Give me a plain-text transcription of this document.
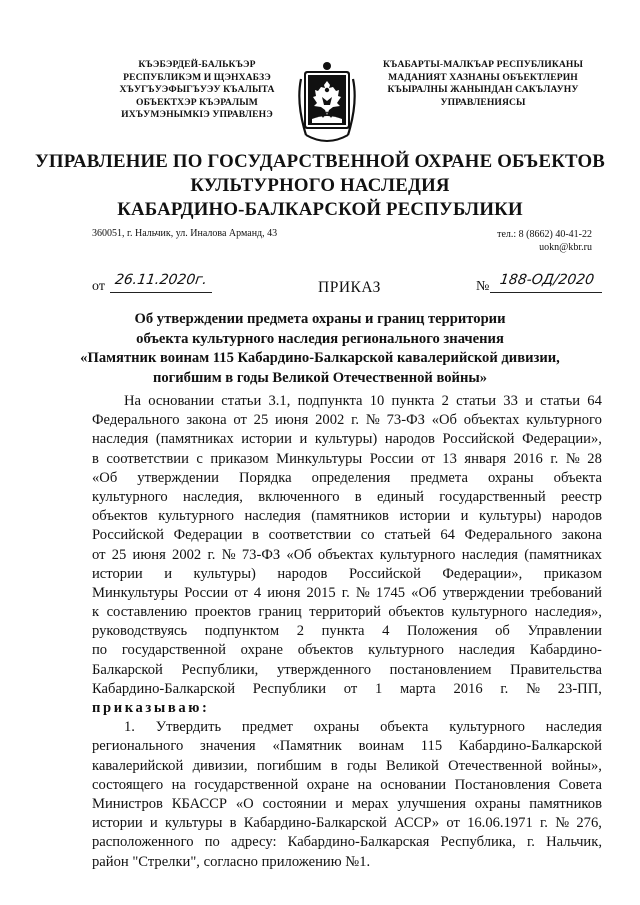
КЪЭБЭРДЕЙ-БАЛЬКЪЭР
РЕСПУБЛИКЭМ И ЩЭНХАБЗЭ
ХЪУГЪУЭФЫГЪУЭУ КЪАЛЫТА
ОБЪЕКТХЭР КЪЭРАЛЫМ
ИХЪУМЭНЫМКIЭ УПРАВЛЕНЭ
КЪАБАРТЫ-МАЛКЪАР РЕСПУБЛИКАНЫ
МАДАНИЯТ ХАЗНАНЫ ОБЪЕКТЛЕРИН
КЪЫРАЛНЫ ЖАНЫНДАН САКЪЛАУНУ
УПРАВЛЕНИЯСЫ
УПРАВЛЕНИЕ ПО ГОСУДАРСТВЕННОЙ ОХРАНЕ ОБЪЕКТОВ
КУЛЬТУРНОГО НАСЛЕДИЯ
КАБАРДИНО-БАЛКАРСКОЙ РЕСПУБЛИКИ
360051, г. Нальчик, ул. Иналова Арманд, 43	тел.: 8 (8662) 40-41-22
uokn@kbr.ru
от 26.11.2020г.	ПРИКАЗ	№ 188-ОД/2020
Об утверждении предмета охраны и границ территории
объекта культурного наследия регионального значения
«Памятник воинам 115 Кабардино-Балкарской кавалерийской дивизии,
погибшим в годы Великой Отечественной войны»
На основании статьи 3.1, подпункта 10 пункта 2 статьи 33 и статьи 64
Федерального закона от 25 июня 2002 г. № 73-ФЗ «Об объектах культурного
наследия (памятниках истории и культуры) народов Российской Федерации»,
в соответствии с приказом Минкультуры России от 13 января 2016 г. № 28
«Об утверждении Порядка определения предмета охраны объекта
культурного наследия, включенного в единый государственный реестр
объектов культурного наследия (памятников истории и культуры) народов
Российской Федерации в соответствии со статьей 64 Федерального закона
от 25 июня 2002 г. № 73-ФЗ «Об объектах культурного наследия (памятниках
истории и культуры) народов Российской Федерации», приказом
Минкультуры России от 4 июня 2015 г. № 1745 «Об утверждении требований
к составлению проектов границ территорий объектов культурного наследия»,
руководствуясь подпунктом 2 пункта 4 Положения об Управлении
по государственной охране объектов культурного наследия Кабардино-
Балкарской Республики, утвержденного постановлением Правительства
Кабардино-Балкарской Республики от 1 марта 2016 г. № 23-ПП,
приказываю:
1. Утвердить предмет охраны объекта культурного наследия
регионального значения «Памятник воинам 115 Кабардино-Балкарской
кавалерийской дивизии, погибшим в годы Великой Отечественной войны»,
состоящего на государственной охране на основании Постановления Совета
Министров КБАССР «О состоянии и мерах улучшения охраны памятников
истории и культуры в Кабардино-Балкарской АССР» от 16.06.1971 г. № 276,
расположенного по адресу: Кабардино-Балкарская Республика, г. Нальчик,
район "Стрелки", согласно приложению №1.
